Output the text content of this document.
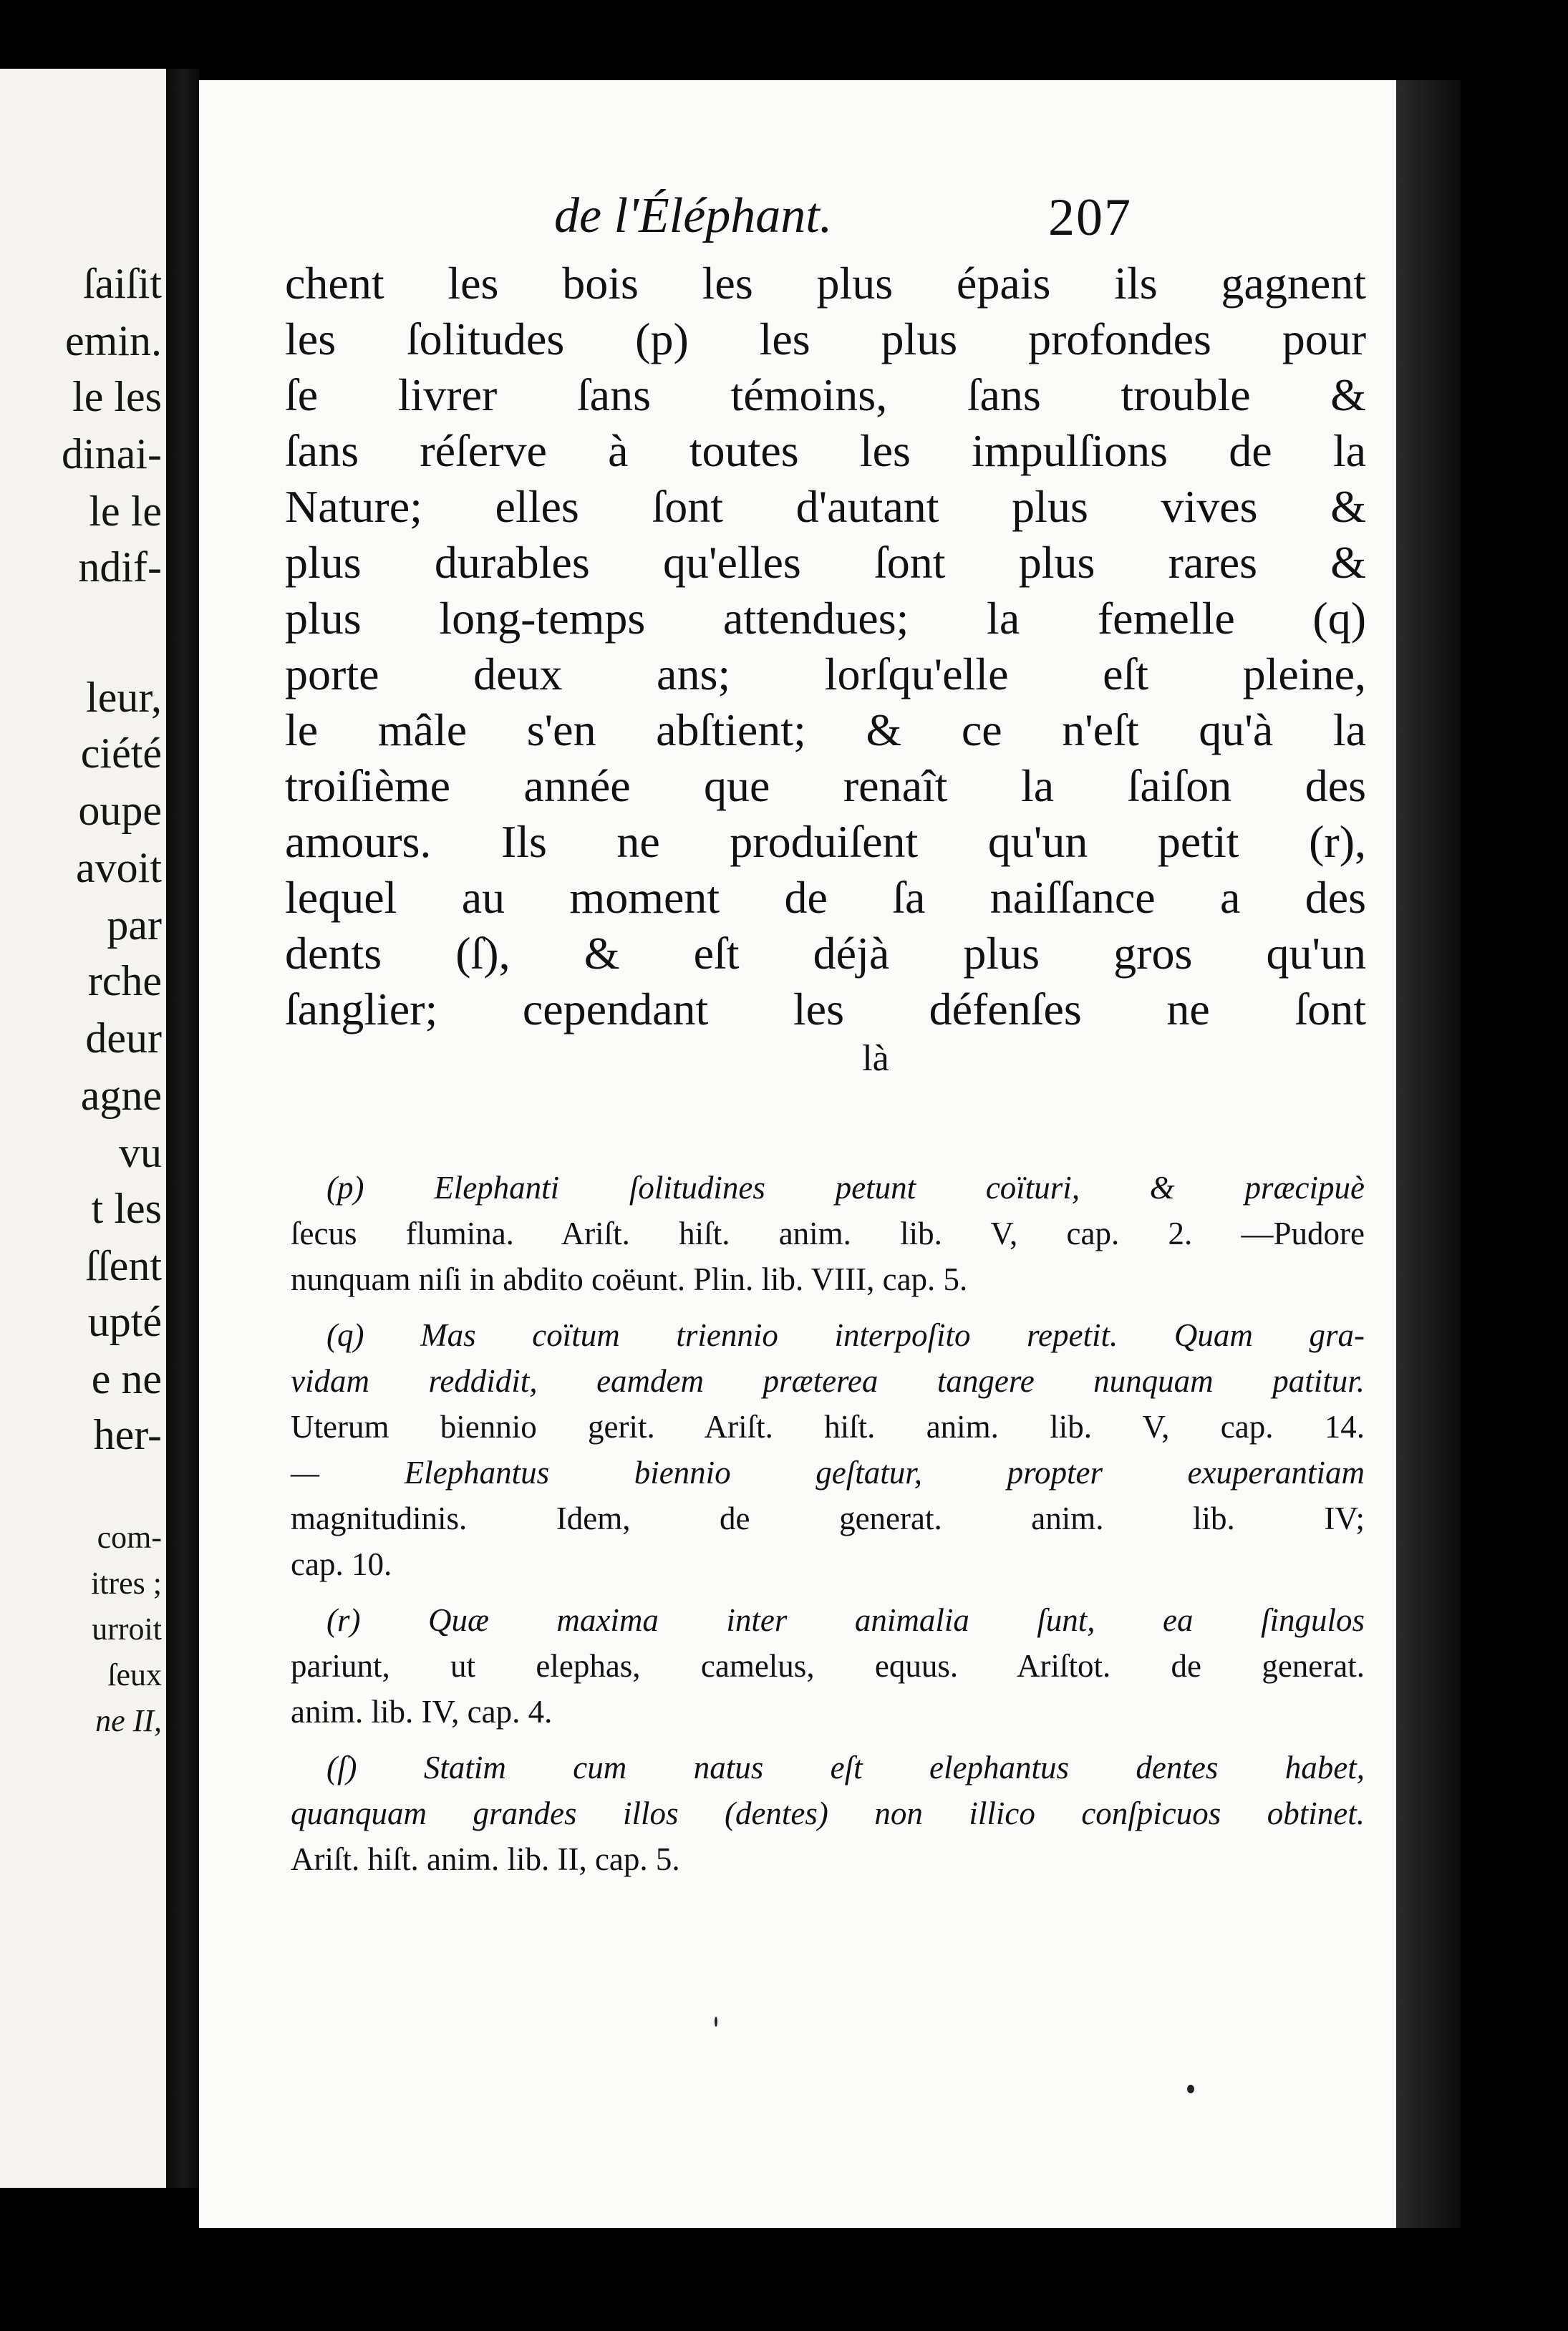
ſaiſit
emin.
le les
dinai-
le le
ndif-
leur,
ciété
oupe
avoit
par
rche
deur
agne
vu
t les
ſſent
upté
e ne
her-
com-
itres ;
urroit
ſeux
ne II,
de l'Éléphant.	207
chent les bois les plus épais ils gagnent
les ſolitudes (p) les plus profondes pour
ſe livrer ſans témoins, ſans trouble &
ſans réſerve à toutes les impulſions de la
Nature; elles ſont d'autant plus vives &
plus durables qu'elles ſont plus rares &
plus long-temps attendues; la femelle (q)
porte deux ans; lorſqu'elle eſt pleine,
le mâle s'en abſtient; & ce n'eſt qu'à la
troiſième année que renaît la ſaiſon des
amours. Ils ne produiſent qu'un petit (r),
lequel au moment de ſa naiſſance a des
dents (ſ), & eſt déjà plus gros qu'un
ſanglier; cependant les défenſes ne ſont
là
(p) Elephanti ſolitudines petunt coïturi, & præcipuè
ſecus flumina. Ariſt. hiſt. anim. lib. V, cap. 2. —Pudore
nunquam niſi in abdito coëunt. Plin. lib. VIII, cap. 5.
(q) Mas coïtum triennio interpoſito repetit. Quam gra-
vidam reddidit, eamdem præterea tangere nunquam patitur.
Uterum biennio gerit. Ariſt. hiſt. anim. lib. V, cap. 14.
— Elephantus biennio geſtatur, propter exuperantiam
magnitudinis. Idem, de generat. anim. lib. IV;
cap. 10.
(r) Quæ maxima inter animalia ſunt, ea ſingulos
pariunt, ut elephas, camelus, equus. Ariſtot. de generat.
anim. lib. IV, cap. 4.
(ſ) Statim cum natus eſt elephantus dentes habet,
quanquam grandes illos (dentes) non illico conſpicuos obtinet.
Ariſt. hiſt. anim. lib. II, cap. 5.
